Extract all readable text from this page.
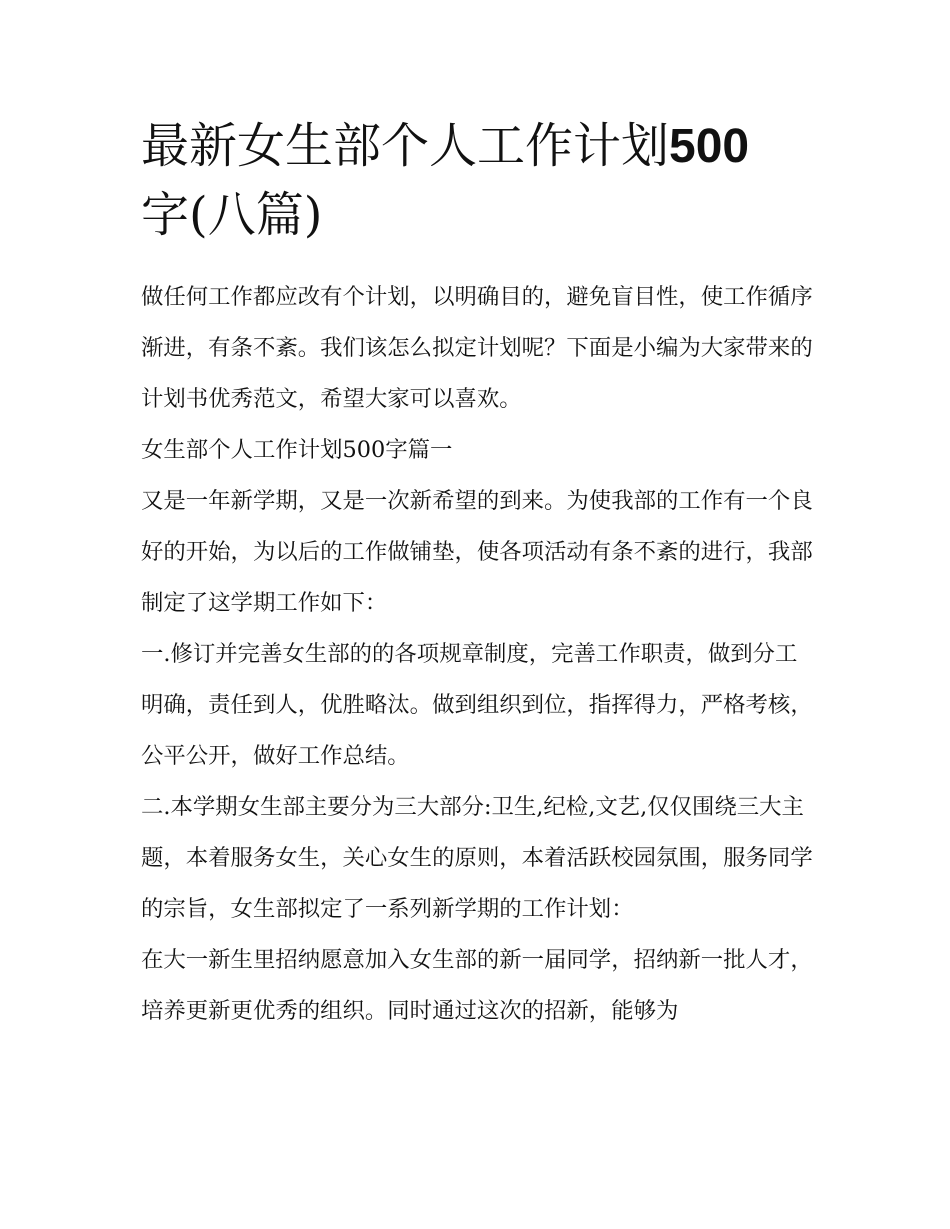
最新女生部个人工作计划500
字(八篇)

做任何工作都应改有个计划，以明确目的，避免盲目性，使工作循序渐进，有条不紊。我们该怎么拟定计划呢？下面是小编为大家带来的计划书优秀范文，希望大家可以喜欢。

女生部个人工作计划500字篇一

又是一年新学期，又是一次新希望的到来。为使我部的工作有一个良好的开始，为以后的工作做铺垫，使各项活动有条不紊的进行，我部制定了这学期工作如下：

一.修订并完善女生部的的各项规章制度，完善工作职责，做到分工明确，责任到人，优胜略汰。做到组织到位，指挥得力，严格考核，公平公开，做好工作总结。

二.本学期女生部主要分为三大部分:卫生,纪检,文艺,仅仅围绕三大主题，本着服务女生，关心女生的原则，本着活跃校园氛围，服务同学的宗旨，女生部拟定了一系列新学期的工作计划：

在大一新生里招纳愿意加入女生部的新一届同学，招纳新一批人才，培养更新更优秀的组织。同时通过这次的招新，能够为
